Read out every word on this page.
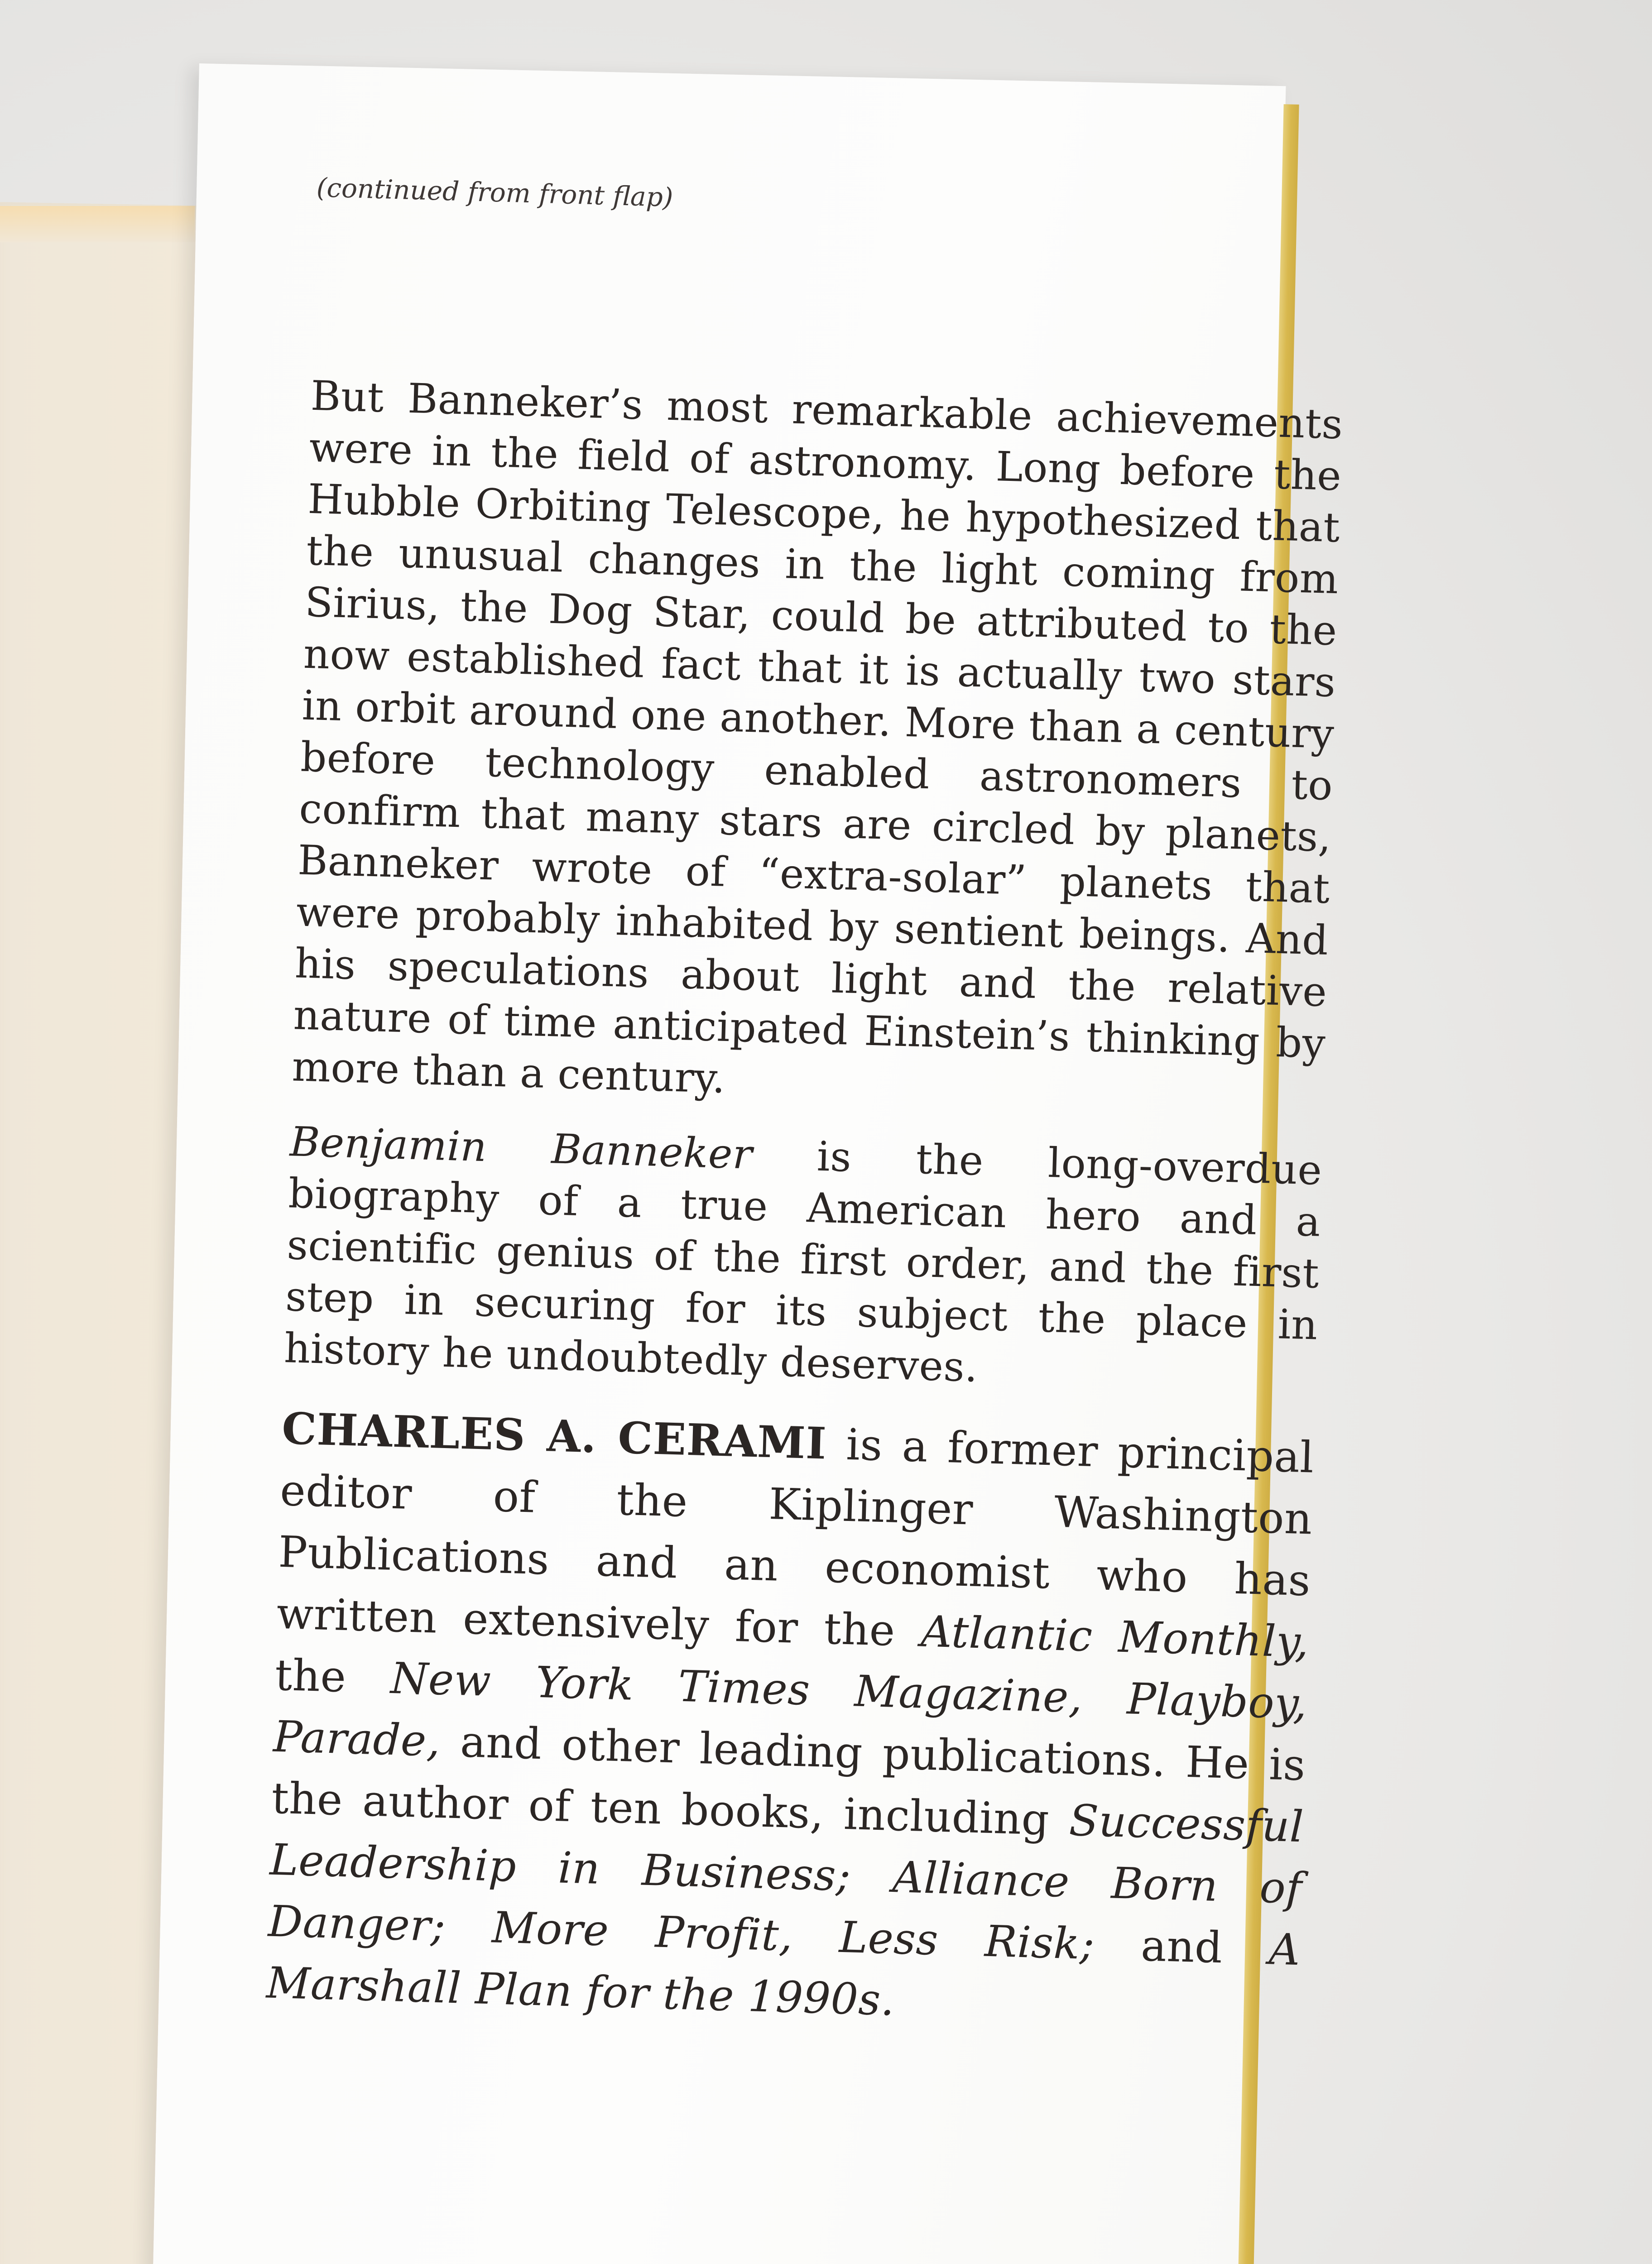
(continued from front flap)

But Banneker’s most remarkable achievements were in the field of astronomy. Long before the Hubble Orbiting Telescope, he hypothesized that the unusual changes in the light coming from Sirius, the Dog Star, could be attributed to the now established fact that it is actually two stars in orbit around one another. More than a century before technology enabled astronomers to confirm that many stars are circled by planets, Banneker wrote of “extra-solar” planets that were probably inhabited by sentient beings. And his speculations about light and the relative nature of time anticipated Einstein’s thinking by more than a century.

Benjamin Banneker is the long-overdue biography of a true American hero and a scientific genius of the first order, and the first step in securing for its subject the place in history he undoubtedly deserves.

CHARLES A. CERAMI is a former principal editor of the Kiplinger Washington Publications and an economist who has written extensively for the Atlantic Monthly, the New York Times Magazine, Playboy, Parade, and other leading publications. He is the author of ten books, including Successful Leadership in Business; Alliance Born of Danger; More Profit, Less Risk; and A Marshall Plan for the 1990s.
